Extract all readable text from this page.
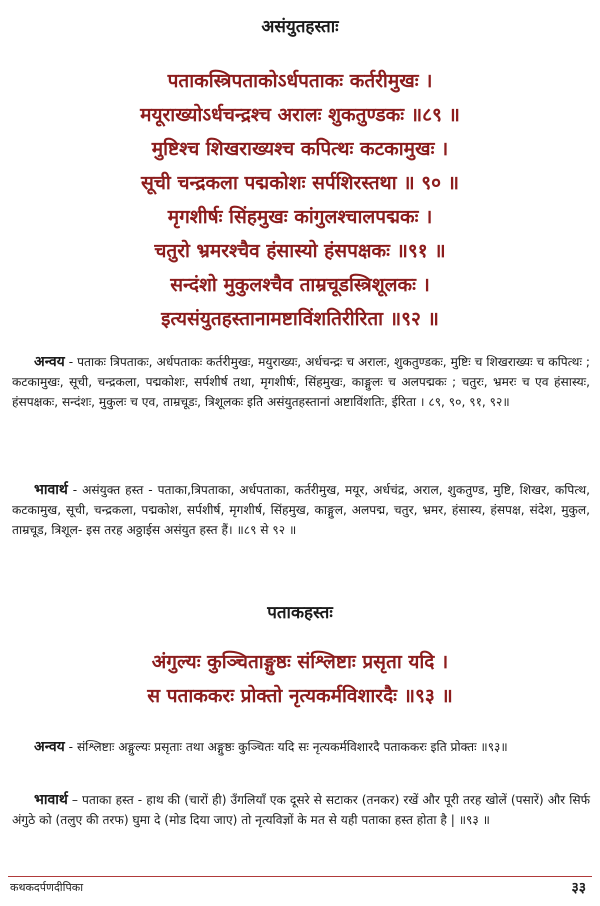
असंयुतहस्ताः
पताकस्त्रिपताकोऽर्धपताकः कर्तरीमुखः ।
मयूराख्योऽर्धचन्द्रश्च अरालः शुकतुण्डकः ॥८९ ॥
मुष्टिश्च शिखराख्यश्च कपित्थः कटकामुखः ।
सूची चन्द्रकला पद्मकोशः सर्पशिरस्तथा ॥ ९० ॥
मृगशीर्षः सिंहमुखः कांगुलश्चालपद्मकः ।
चतुरो भ्रमरश्चैव हंसास्यो हंसपक्षकः ॥९१ ॥
सन्दंशो मुकुलश्चैव ताम्रचूडस्त्रिशूलकः ।
इत्यसंयुतहस्तानामष्टाविंशतिरीरिता ॥९२ ॥
अन्वय - पताकः त्रिपताकः, अर्धपताकः कर्तरीमुखः, मयुराख्यः, अर्धचन्द्रः च अरालः, शुकतुण्डकः, मुष्टिः च शिखराख्यः च कपित्थः ; कटकामुखः, सूची, चन्द्रकला, पद्मकोशः, सर्पशीर्ष तथा, मृगशीर्षः, सिंहमुखः, काङ्गुलः च अलपद्मकः ; चतुरः, भ्रमरः च एव हंसास्यः, हंसपक्षकः, सन्दंशः, मुकुलः च एव, ताम्रचूडः, त्रिशूलकः इति असंयुतहस्तानां अष्टाविंशतिः, ईरिता । ८९, ९०, ९१, ९२॥
भावार्थ - असंयुक्त हस्त - पताका,त्रिपताका, अर्धपताका, कर्तरीमुख, मयूर, अर्धचंद्र, अराल, शुकतुण्ड, मुष्टि, शिखर, कपित्थ, कटकामुख, सूची, चन्द्रकला, पद्मकोश, सर्पशीर्ष, मृगशीर्ष, सिंहमुख, काङ्गुल, अलपद्म, चतुर, भ्रमर, हंसास्य, हंसपक्ष, संदेश, मुकुल, ताम्रचूड, त्रिशूल- इस तरह अठ्ठाईस असंयुत हस्त हैं। ॥८९ से ९२ ॥
पताकहस्तः
अंगुल्यः कुञ्चिताङ्गुष्ठः संश्लिष्टाः प्रसृता यदि ।
स पताककरः प्रोक्तो नृत्यकर्मविशारदैः ॥९३ ॥
अन्वय - संश्लिष्टाः अङ्गुल्यः प्रसृताः तथा अङ्गुष्ठः कुञ्चितः यदि सः नृत्यकर्मविशारदै पताककरः इति प्रोक्तः ॥९३॥
भावार्थ – पताका हस्त - हाथ की (चारों ही) उँगलियाँ एक दूसरे से सटाकर (तनकर) रखें और पूरी तरह खोलें (पसारें) और सिर्फ अंगुठे को (तलुए की तरफ) घुमा दे (मोड दिया जाए) तो नृत्यविज्ञों के मत से यही पताका हस्त होता है | ॥९३ ॥
कथकदर्पणदीपिका	३३
